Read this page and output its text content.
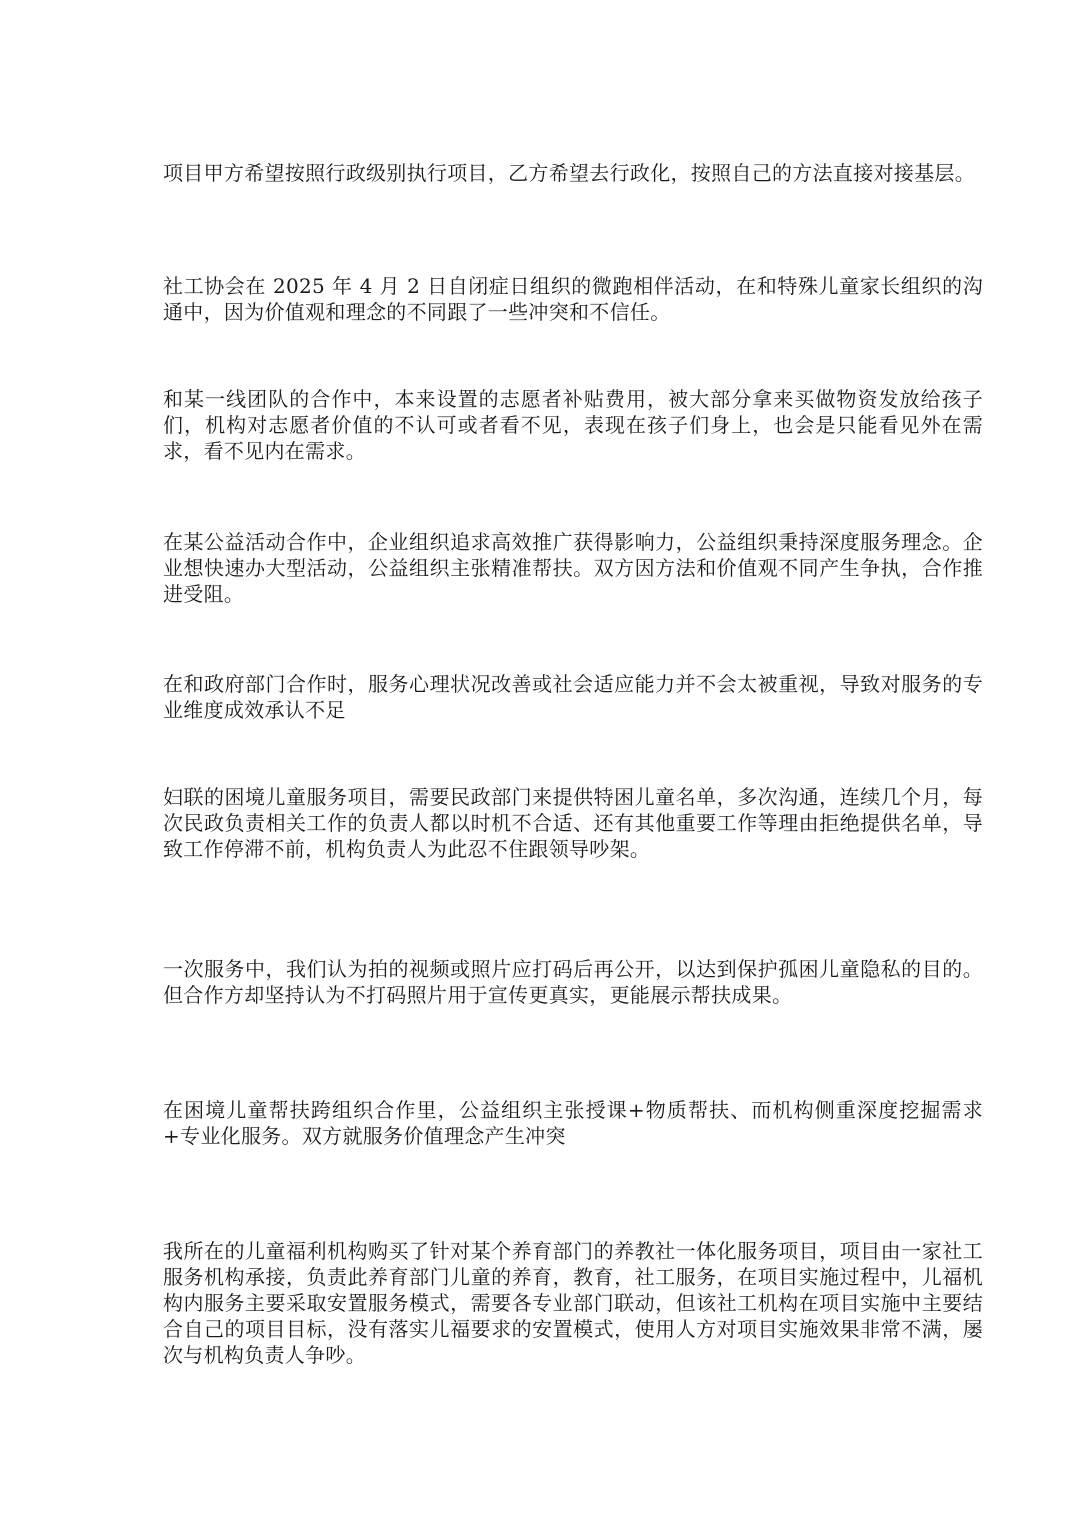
项目甲方希望按照行政级别执行项目，乙方希望去行政化，按照自己的方法直接对接基层。

社工协会在 2025 年 4 月 2 日自闭症日组织的微跑相伴活动，在和特殊儿童家长组织的沟通中，因为价值观和理念的不同跟了一些冲突和不信任。

和某一线团队的合作中，本来设置的志愿者补贴费用，被大部分拿来买做物资发放给孩子们，机构对志愿者价值的不认可或者看不见，表现在孩子们身上，也会是只能看见外在需求，看不见内在需求。

在某公益活动合作中，企业组织追求高效推广获得影响力，公益组织秉持深度服务理念。企业想快速办大型活动，公益组织主张精准帮扶。双方因方法和价值观不同产生争执，合作推进受阻。

在和政府部门合作时，服务心理状况改善或社会适应能力并不会太被重视，导致对服务的专业维度成效承认不足

妇联的困境儿童服务项目，需要民政部门来提供特困儿童名单，多次沟通，连续几个月，每次民政负责相关工作的负责人都以时机不合适、还有其他重要工作等理由拒绝提供名单，导致工作停滞不前，机构负责人为此忍不住跟领导吵架。

一次服务中，我们认为拍的视频或照片应打码后再公开，以达到保护孤困儿童隐私的目的。但合作方却坚持认为不打码照片用于宣传更真实，更能展示帮扶成果。

在困境儿童帮扶跨组织合作里，公益组织主张授课+物质帮扶、而机构侧重深度挖掘需求+专业化服务。双方就服务价值理念产生冲突

我所在的儿童福利机构购买了针对某个养育部门的养教社一体化服务项目，项目由一家社工服务机构承接，负责此养育部门儿童的养育，教育，社工服务，在项目实施过程中，儿福机构内服务主要采取安置服务模式，需要各专业部门联动，但该社工机构在项目实施中主要结合自己的项目目标，没有落实儿福要求的安置模式，使用人方对项目实施效果非常不满，屡次与机构负责人争吵。
